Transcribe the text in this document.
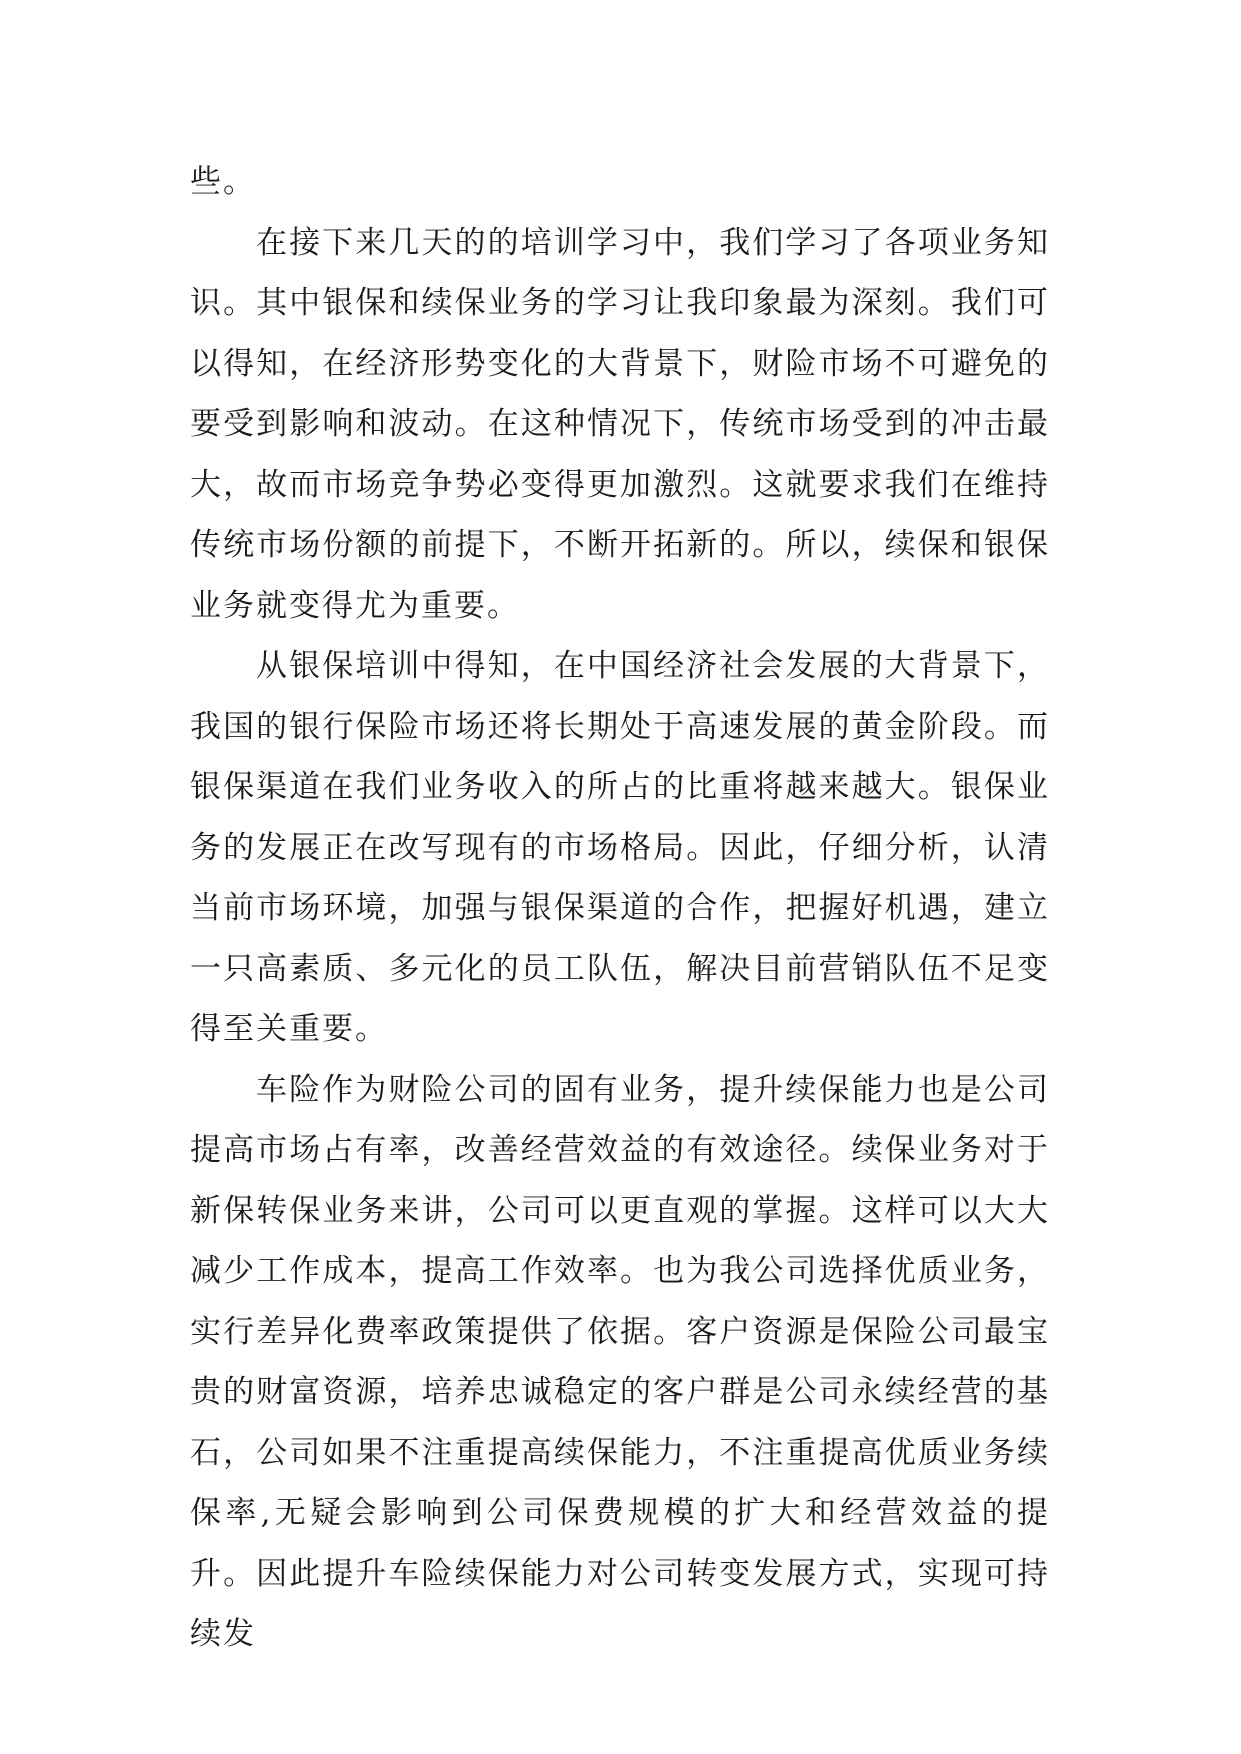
些。

在接下来几天的的培训学习中，我们学习了各项业务知识。其中银保和续保业务的学习让我印象最为深刻。我们可以得知，在经济形势变化的大背景下，财险市场不可避免的要受到影响和波动。在这种情况下，传统市场受到的冲击最大，故而市场竞争势必变得更加激烈。这就要求我们在维持传统市场份额的前提下，不断开拓新的。所以，续保和银保业务就变得尤为重要。

从银保培训中得知，在中国经济社会发展的大背景下，我国的银行保险市场还将长期处于高速发展的黄金阶段。而银保渠道在我们业务收入的所占的比重将越来越大。银保业务的发展正在改写现有的市场格局。因此，仔细分析，认清当前市场环境，加强与银保渠道的合作，把握好机遇，建立一只高素质、多元化的员工队伍，解决目前营销队伍不足变得至关重要。

车险作为财险公司的固有业务，提升续保能力也是公司提高市场占有率，改善经营效益的有效途径。续保业务对于新保转保业务来讲，公司可以更直观的掌握。这样可以大大减少工作成本，提高工作效率。也为我公司选择优质业务，实行差异化费率政策提供了依据。客户资源是保险公司最宝贵的财富资源，培养忠诚稳定的客户群是公司永续经营的基石，公司如果不注重提高续保能力，不注重提高优质业务续保率,无疑会影响到公司保费规模的扩大和经营效益的提升。因此提升车险续保能力对公司转变发展方式，实现可持续发
